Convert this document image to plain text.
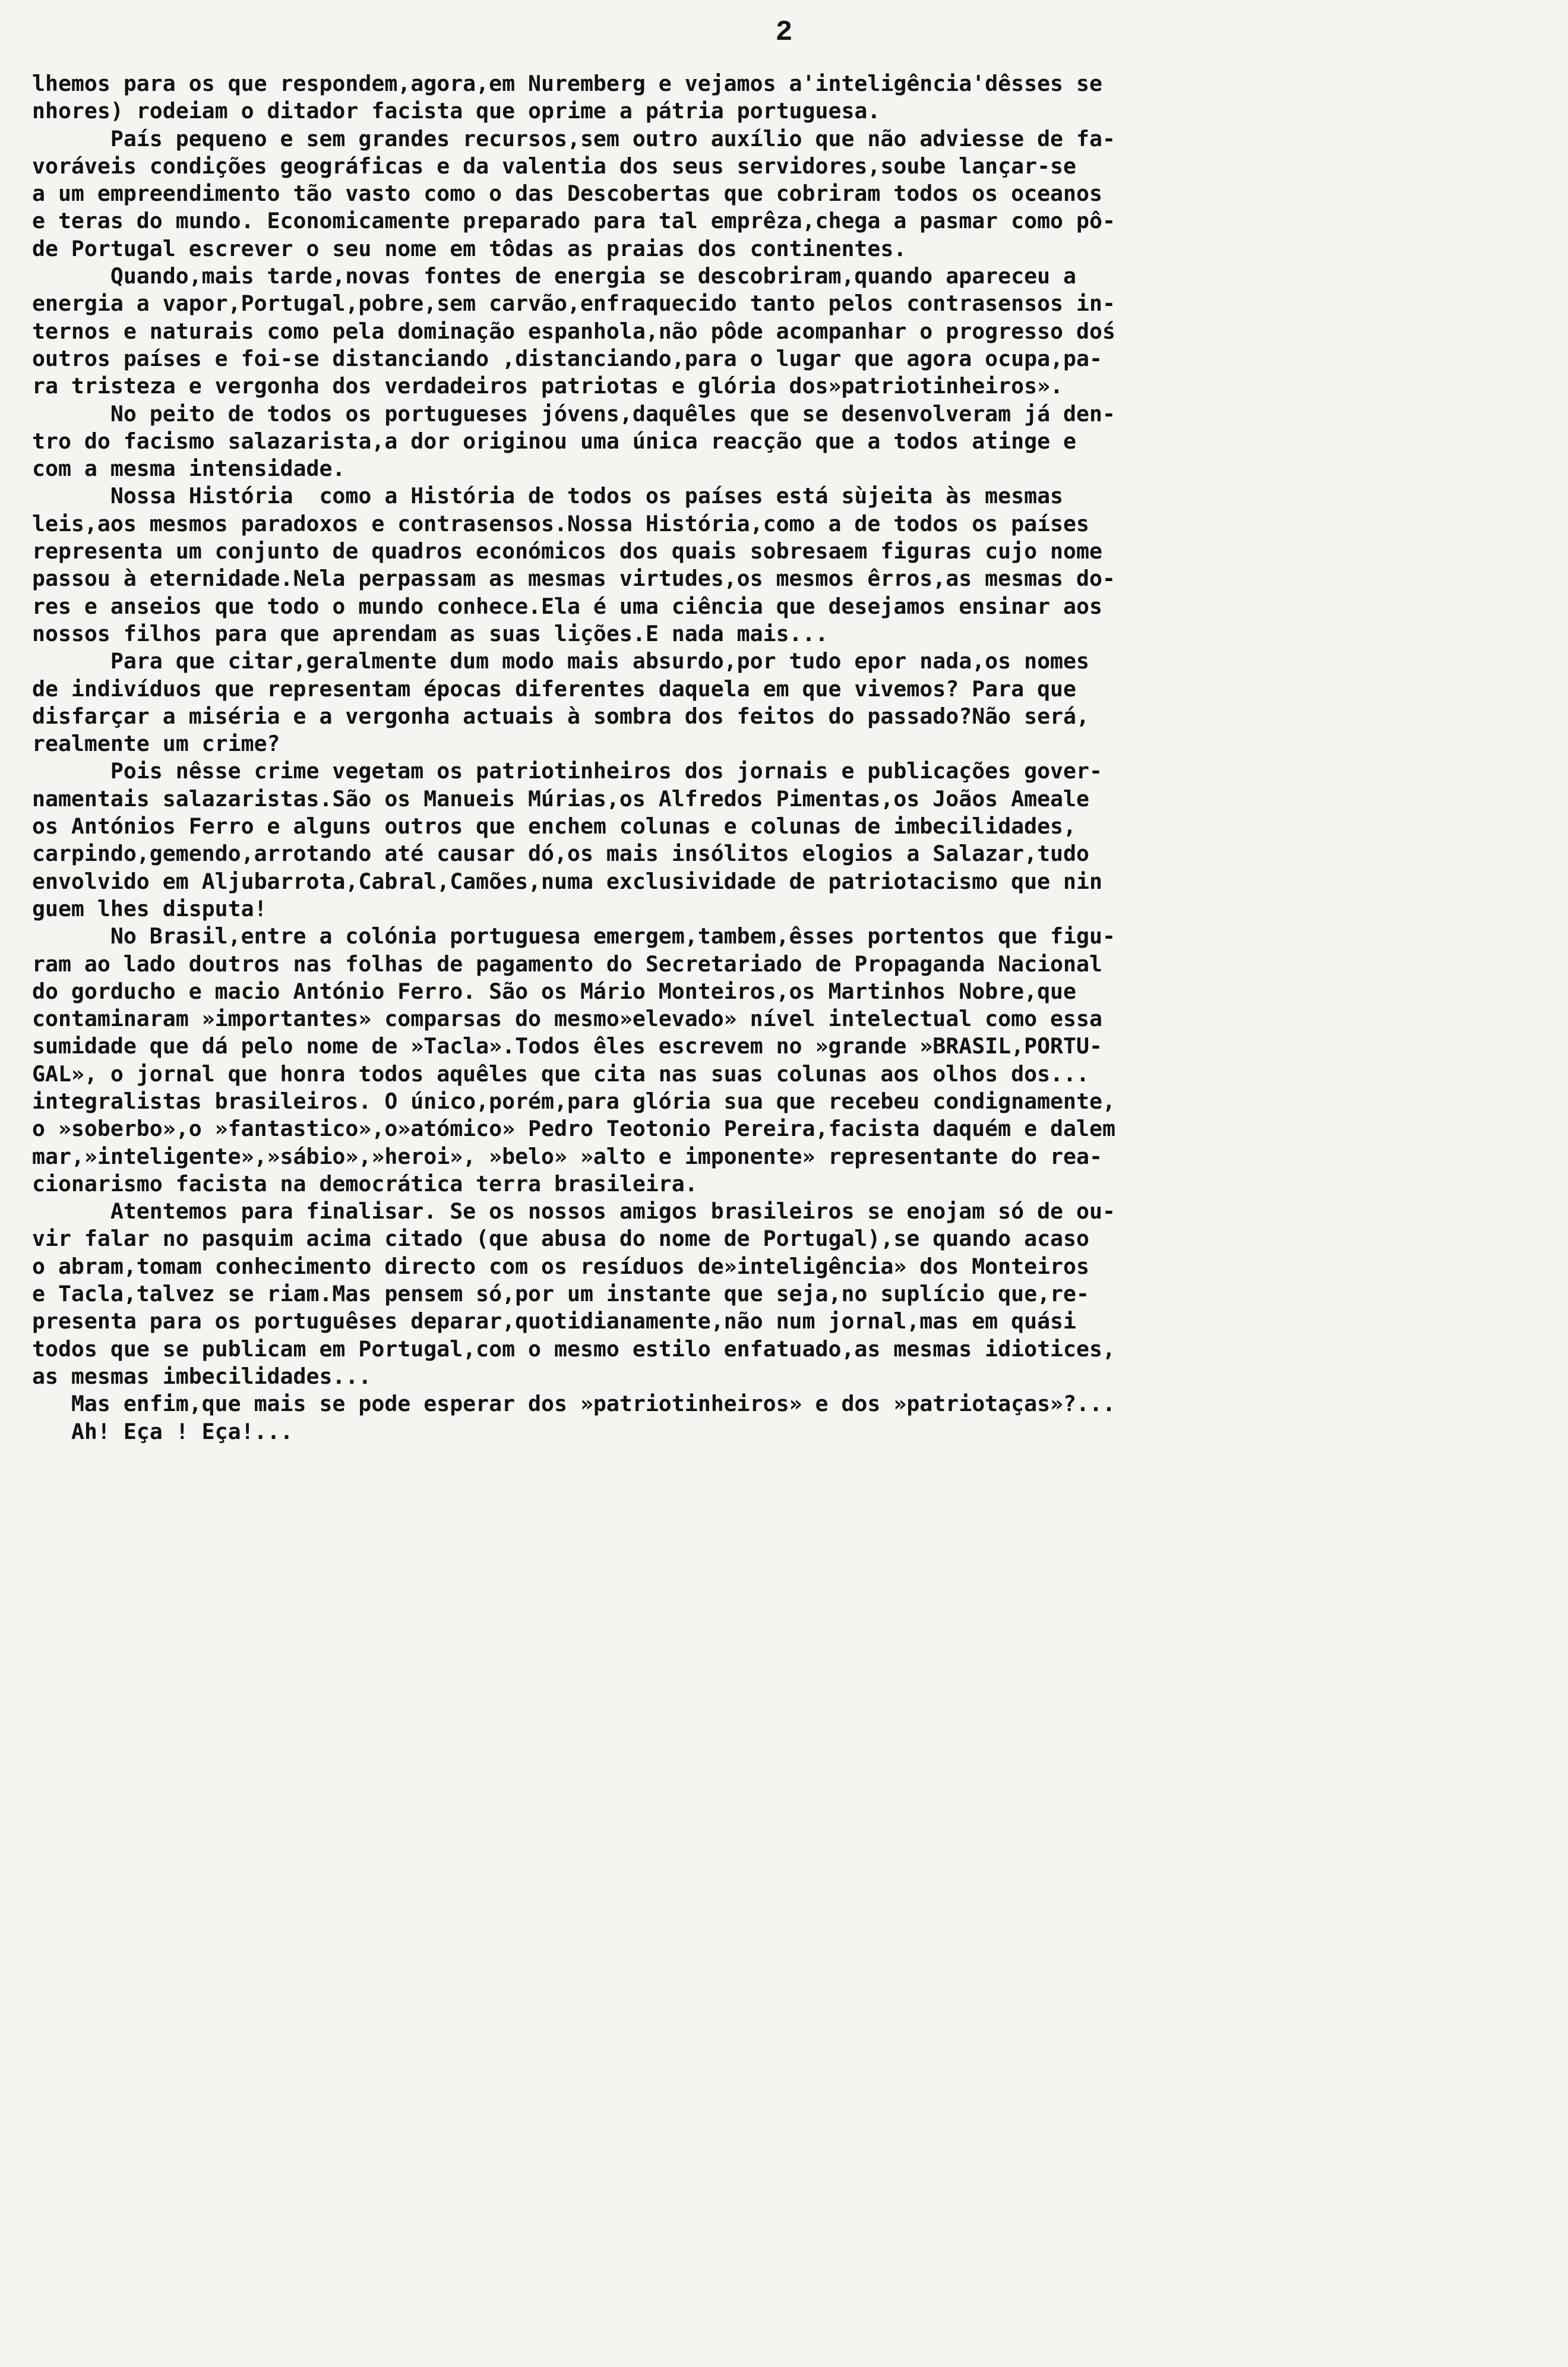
2
lhemos para os que respondem,agora,em Nuremberg e vejamos a'inteligência'dêsses se
nhores) rodeiam o ditador facista que oprime a pátria portuguesa.
País pequeno e sem grandes recursos,sem outro auxílio que não adviesse de fa-
voráveis condições geográficas e da valentia dos seus servidores,soube lançar-se
a um empreendimento tão vasto como o das Descobertas que cobriram todos os oceanos
e teras do mundo. Economicamente preparado para tal emprêza,chega a pasmar como pô-
de Portugal escrever o seu nome em tôdas as praias dos continentes.
Quando,mais tarde,novas fontes de energia se descobriram,quando apareceu a
energia a vapor,Portugal,pobre,sem carvão,enfraquecido tanto pelos contrasensos in-
ternos e naturais como pela dominação espanhola,não pôde acompanhar o progresso doś
outros países e foi-se distanciando ,distanciando,para o lugar que agora ocupa,pa-
ra tristeza e vergonha dos verdadeiros patriotas e glória dos»patriotinheiros».
No peito de todos os portugueses jóvens,daquêles que se desenvolveram já den-
tro do facismo salazarista,a dor originou uma única reacção que a todos atinge e
com a mesma intensidade.
Nossa História  como a História de todos os países está sùjeita às mesmas
leis,aos mesmos paradoxos e contrasensos.Nossa História,como a de todos os países
representa um conjunto de quadros económicos dos quais sobresaem figuras cujo nome
passou à eternidade.Nela perpassam as mesmas virtudes,os mesmos êrros,as mesmas do-
res e anseios que todo o mundo conhece.Ela é uma ciência que desejamos ensinar aos
nossos filhos para que aprendam as suas lições.E nada mais...
Para que citar,geralmente dum modo mais absurdo,por tudo epor nada,os nomes
de indivíduos que representam épocas diferentes daquela em que vivemos? Para que
disfarçar a miséria e a vergonha actuais à sombra dos feitos do passado?Não será,
realmente um crime?
Pois nêsse crime vegetam os patriotinheiros dos jornais e publicações gover-
namentais salazaristas.São os Manueis Múrias,os Alfredos Pimentas,os Joãos Ameale
os Antónios Ferro e alguns outros que enchem colunas e colunas de imbecilidades,
carpindo,gemendo,arrotando até causar dó,os mais insólitos elogios a Salazar,tudo
envolvido em Aljubarrota,Cabral,Camões,numa exclusividade de patriotacismo que nin
guem lhes disputa!
No Brasil,entre a colónia portuguesa emergem,tambem,êsses portentos que figu-
ram ao lado doutros nas folhas de pagamento do Secretariado de Propaganda Nacional
do gorducho e macio António Ferro. São os Mário Monteiros,os Martinhos Nobre,que
contaminaram »importantes» comparsas do mesmo»elevado» nível intelectual como essa
sumidade que dá pelo nome de »Tacla».Todos êles escrevem no »grande »BRASIL,PORTU-
GAL», o jornal que honra todos aquêles que cita nas suas colunas aos olhos dos...
integralistas brasileiros. O único,porém,para glória sua que recebeu condignamente,
o »soberbo»,o »fantastico»,o»atómico» Pedro Teotonio Pereira,facista daquém e dalem
mar,»inteligente»,»sábio»,»heroi», »belo» »alto e imponente» representante do rea-
cionarismo facista na democrática terra brasileira.
Atentemos para finalisar. Se os nossos amigos brasileiros se enojam só de ou-
vir falar no pasquim acima citado (que abusa do nome de Portugal),se quando acaso
o abram,tomam conhecimento directo com os resíduos de»inteligência» dos Monteiros
e Tacla,talvez se riam.Mas pensem só,por um instante que seja,no suplício que,re-
presenta para os portuguêses deparar,quotidianamente,não num jornal,mas em quási
todos que se publicam em Portugal,com o mesmo estilo enfatuado,as mesmas idiotices,
as mesmas imbecilidades...
Mas enfim,que mais se pode esperar dos »patriotinheiros» e dos »patriotaças»?...
Ah! Eça ! Eça!...
